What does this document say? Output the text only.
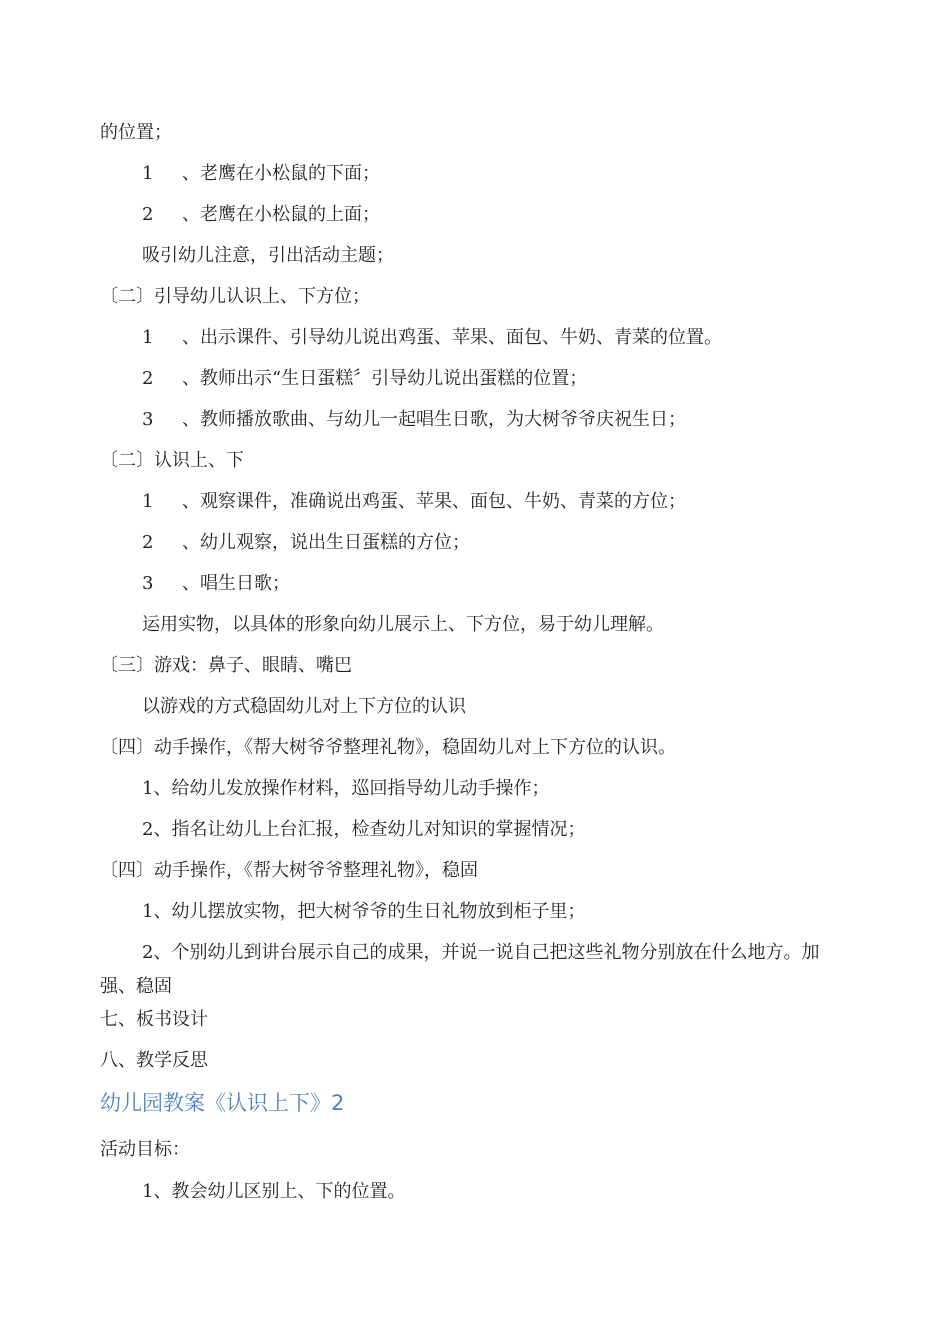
的位置；

1 、老鹰在小松鼠的下面；

2 、老鹰在小松鼠的上面；

吸引幼儿注意，引出活动主题；

〔二〕引导幼儿认识上、下方位；

1 、出示课件、引导幼儿说出鸡蛋、苹果、面包、牛奶、青菜的位置。

2 、教师出示“生日蛋糕〞引导幼儿说出蛋糕的位置；

3 、教师播放歌曲、与幼儿一起唱生日歌，为大树爷爷庆祝生日；

〔二〕认识上、下

1 、观察课件，准确说出鸡蛋、苹果、面包、牛奶、青菜的方位；

2 、幼儿观察，说出生日蛋糕的方位；

3 、唱生日歌；

运用实物，以具体的形象向幼儿展示上、下方位，易于幼儿理解。

〔三〕游戏：鼻子、眼睛、嘴巴

以游戏的方式稳固幼儿对上下方位的认识

〔四〕动手操作，《帮大树爷爷整理礼物》，稳固幼儿对上下方位的认识。

1、给幼儿发放操作材料，巡回指导幼儿动手操作；

2、指名让幼儿上台汇报，检查幼儿对知识的掌握情况；

〔四〕动手操作，《帮大树爷爷整理礼物》，稳固

1、幼儿摆放实物，把大树爷爷的生日礼物放到柜子里；

2、个别幼儿到讲台展示自己的成果，并说一说自己把这些礼物分别放在什么地方。加强、稳固

七、板书设计

八、教学反思

幼儿园教案《认识上下》2

活动目标：

1、教会幼儿区别上、下的位置。
